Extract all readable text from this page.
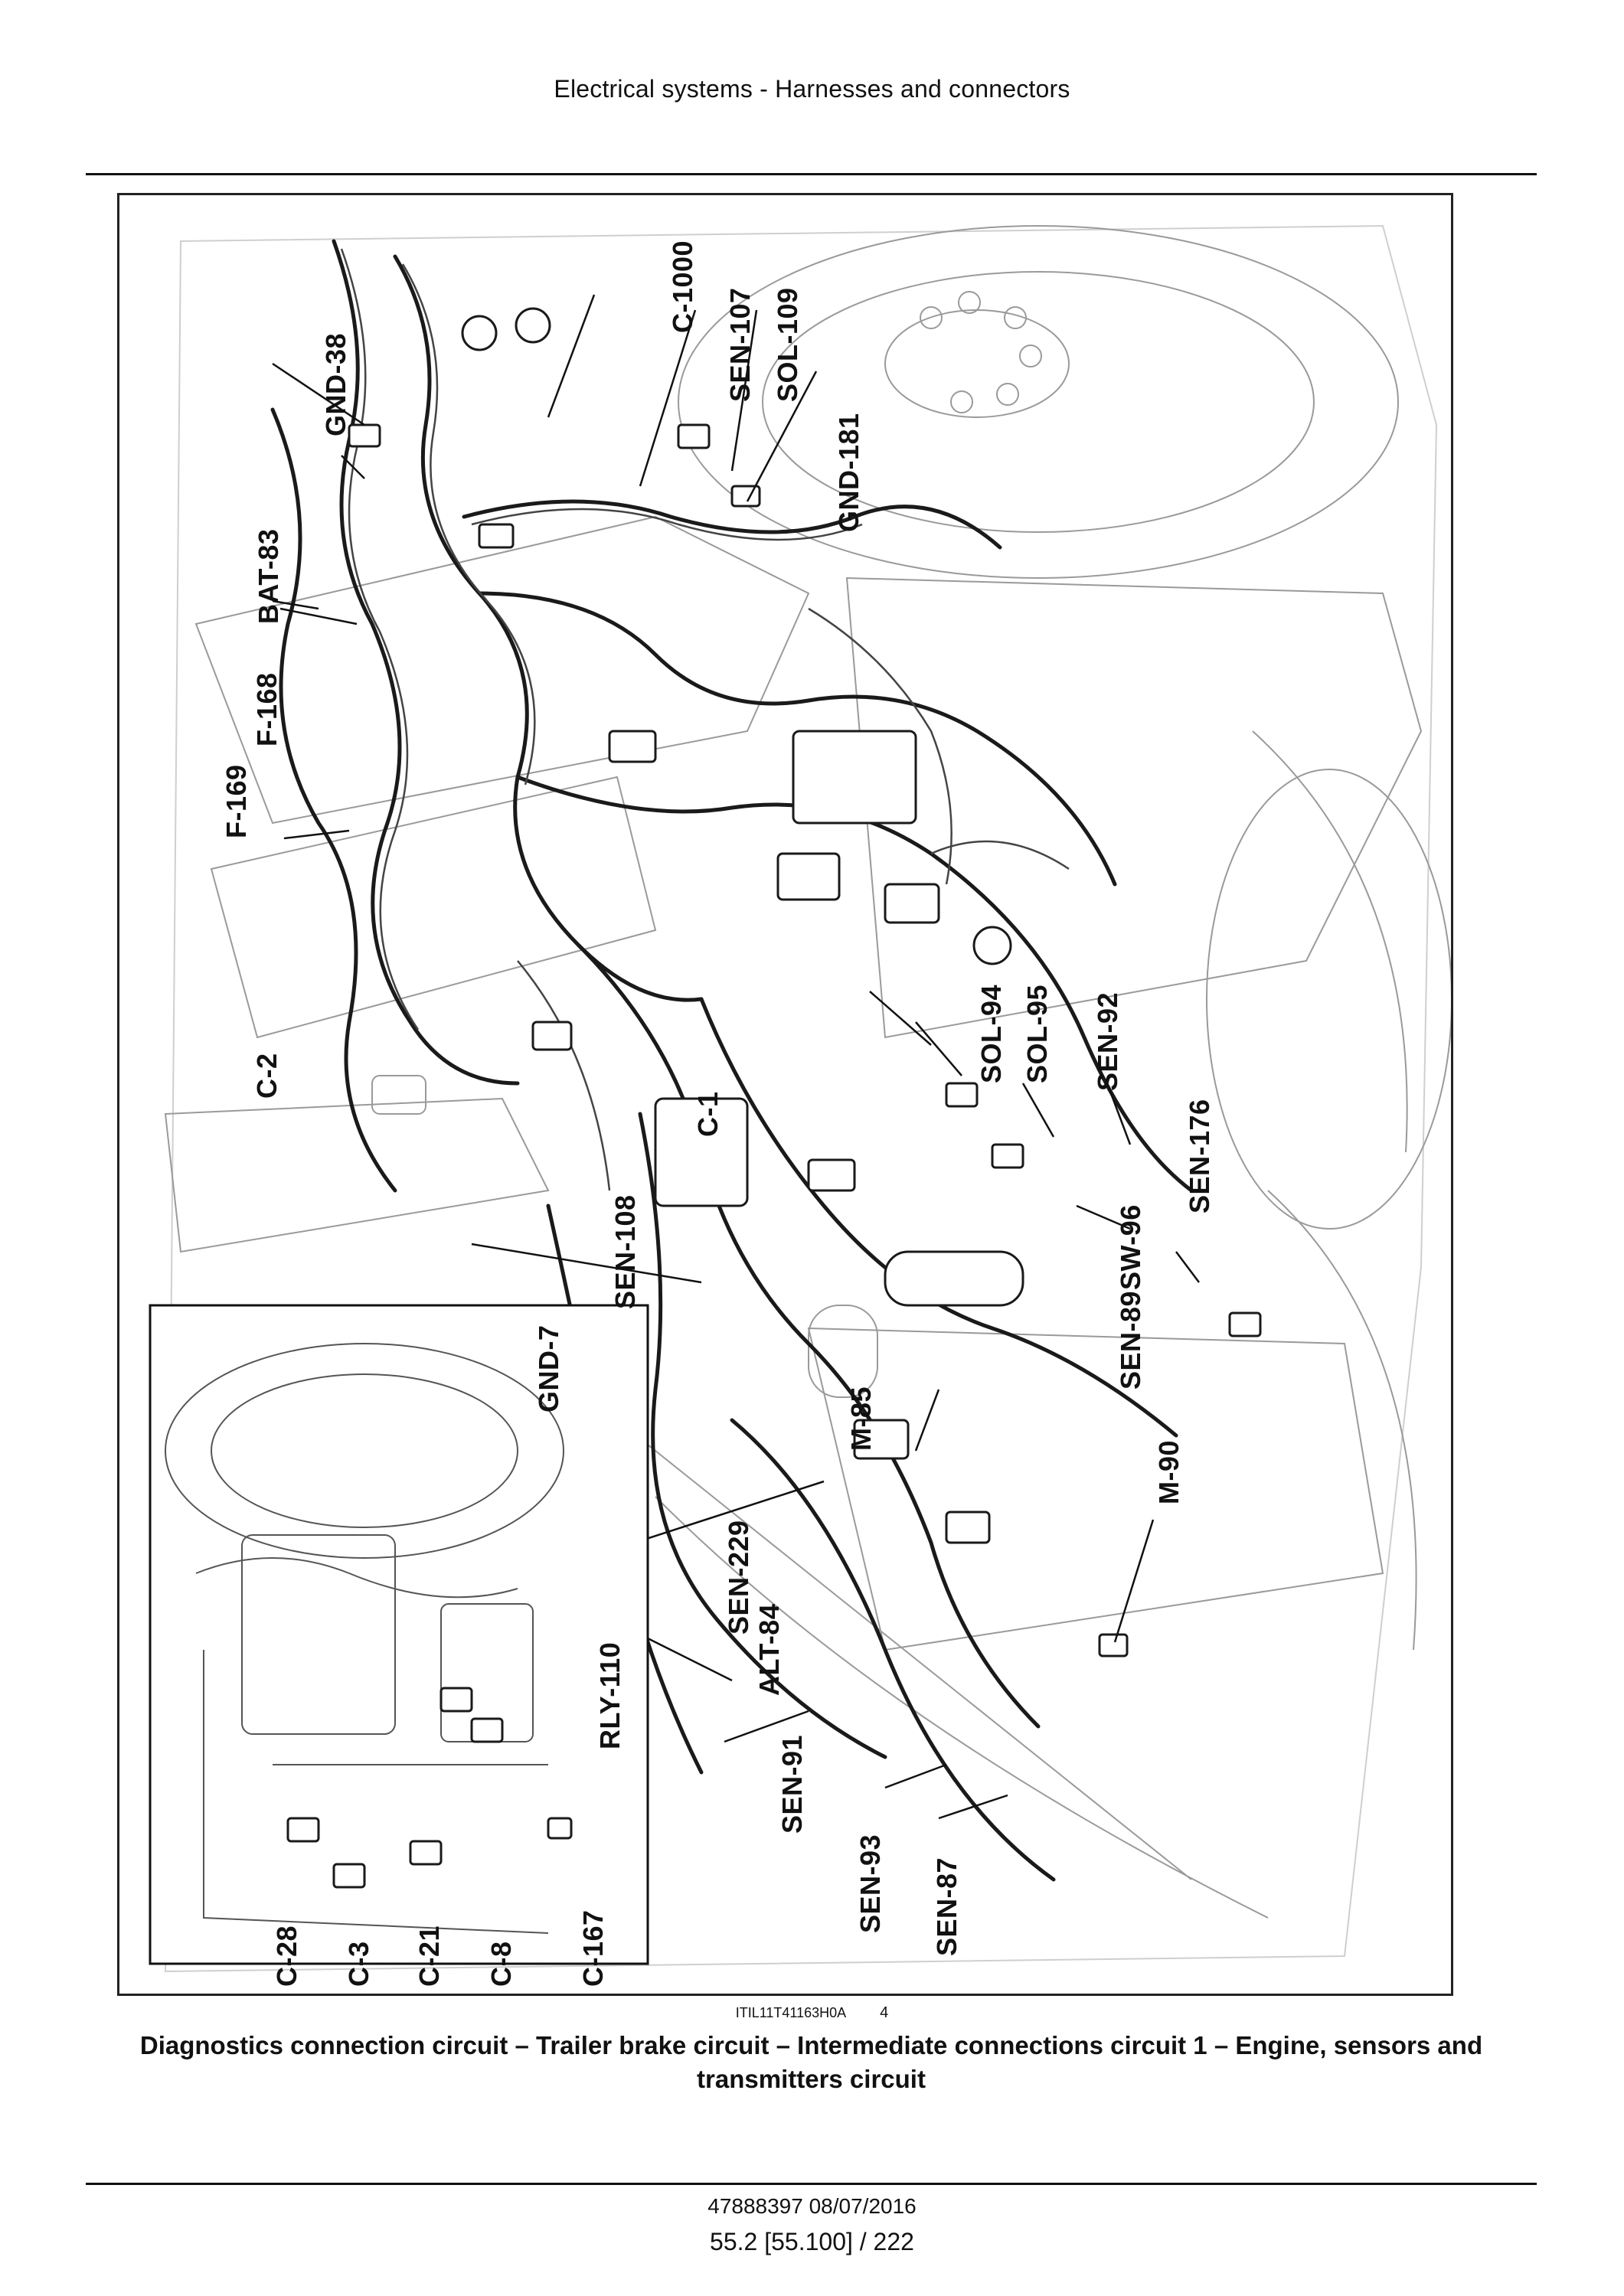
Electrical systems - Harnesses and connectors
GND-38
C-1000
SEN-107 SOL-109
GND-181
BAT-83
F-168
F-169
C-2
C-1
SOL-94 SOL-95 SEN-92
SEN-176
SW-96
SEN-89
SEN-108
M-85
M-90
SEN-229
ALT-84
SEN-91
SEN-93 SEN-87
GND-7
RLY-110
C-167
C-8
C-21
C-3
C-28
ITIL11T41163H0A 4
Diagnostics connection circuit – Trailer brake circuit – Intermediate connections circuit 1 – Engine, sensors and transmitters circuit
47888397 08/07/2016
55.2 [55.100] / 222
